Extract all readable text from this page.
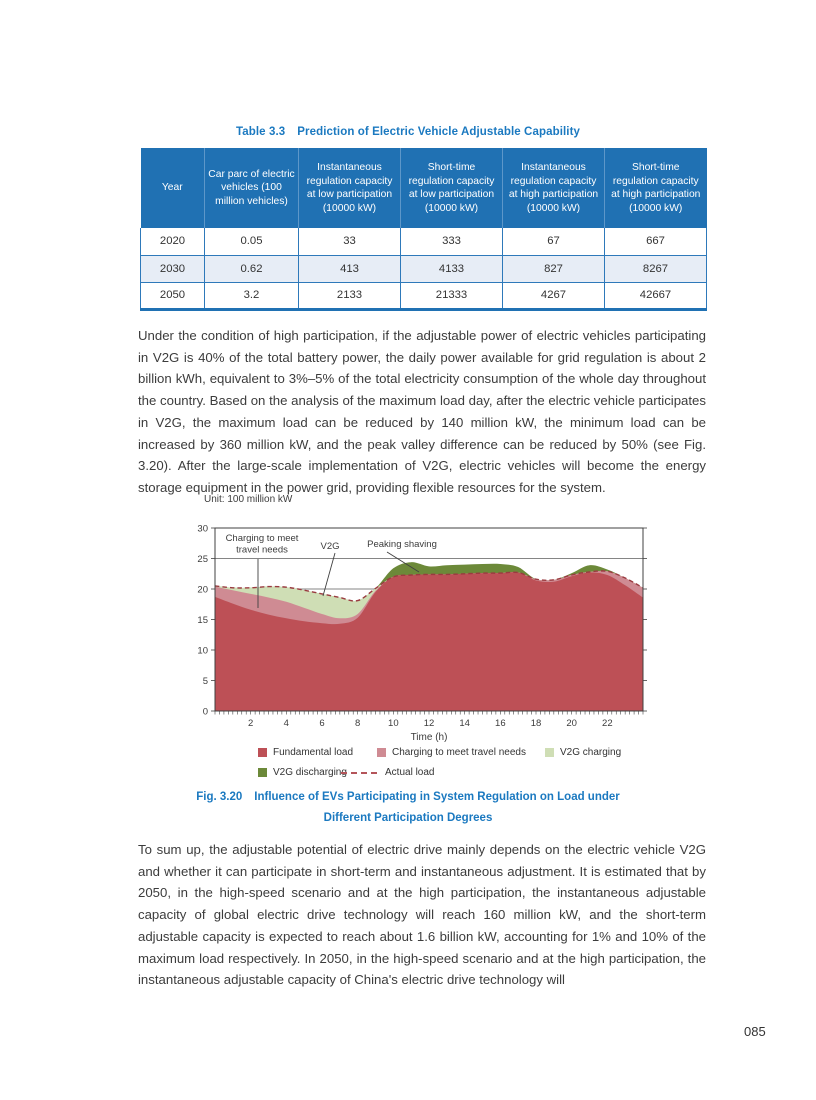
Table 3.3 Prediction of Electric Vehicle Adjustable Capability
Year	Car parc of electric vehicles (100 million vehicles)	Instantaneous regulation capacity at low participation (10000 kW)	Short-time regulation capacity at low participation (10000 kW)	Instantaneous regulation capacity at high participation (10000 kW)	Short-time regulation capacity at high participation (10000 kW)
2020	0.05	33	333	67	667
2030	0.62	413	4133	827	8267
2050	3.2	2133	21333	4267	42667

Under the condition of high participation, if the adjustable power of electric vehicles participating in V2G is 40% of the total battery power, the daily power available for grid regulation is about 2 billion kWh, equivalent to 3%–5% of the total electricity consumption of the whole day throughout the country. Based on the analysis of the maximum load day, after the electric vehicle participates in V2G, the maximum load can be reduced by 140 million kW, the minimum load can be increased by 360 million kW, and the peak valley difference can be reduced by 50% (see Fig. 3.20). After the large-scale implementation of V2G, electric vehicles will become the energy storage equipment in the power grid, providing flexible resources for the system.

Unit: 100 million kW
0
5
10
15
20
25
30
2	4	6	8	10	12	14	16	18	20	22
Time (h)
Charging to meet
travel needs	V2G	Peaking shaving
Fundamental load	Charging to meet travel needs	V2G charging
V2G discharging	Actual load
Fig. 3.20 Influence of EVs Participating in System Regulation on Load under
Different Participation Degrees

To sum up, the adjustable potential of electric drive mainly depends on the electric vehicle V2G and whether it can participate in short-term and instantaneous adjustment. It is estimated that by 2050, in the high-speed scenario and at the high participation, the instantaneous adjustable capacity of global electric drive technology will reach 160 million kW, and the short-term adjustable capacity is expected to reach about 1.6 billion kW, accounting for 1% and 10% of the maximum load respectively. In 2050, in the high-speed scenario and at the high participation, the instantaneous adjustable capacity of China's electric drive technology will

085
